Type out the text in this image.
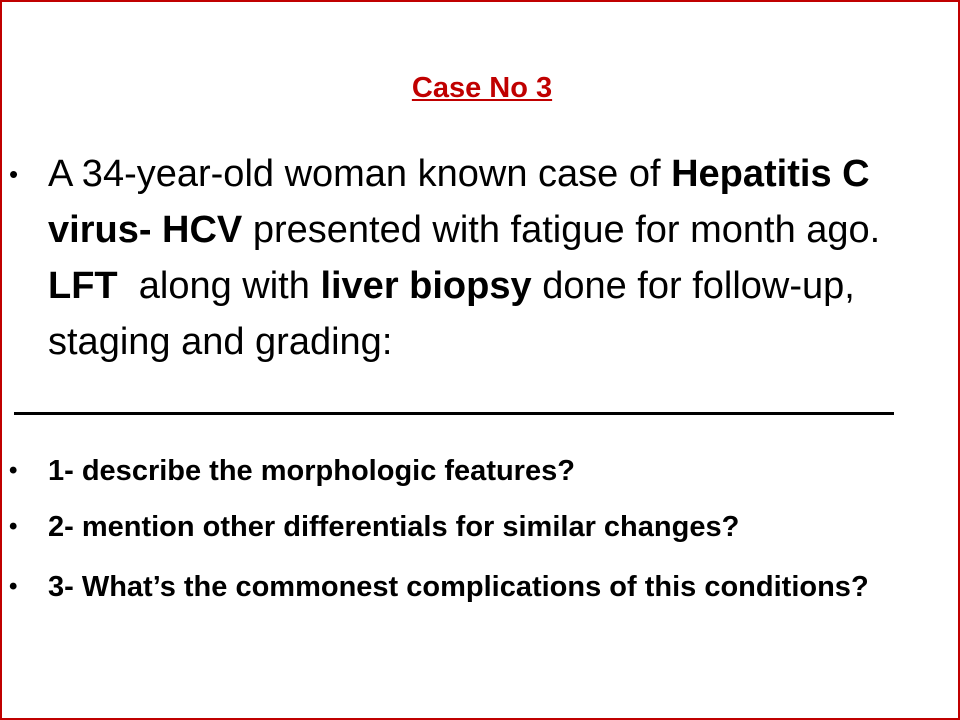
Case No 3
• A 34-year-old woman known case of Hepatitis C virus- HCV presented with fatigue for month ago. LFT  along with liver biopsy done for follow-up, staging and grading:
• 1- describe the morphologic features?
• 2- mention other differentials for similar changes?
• 3- What’s the commonest complications of this conditions?
